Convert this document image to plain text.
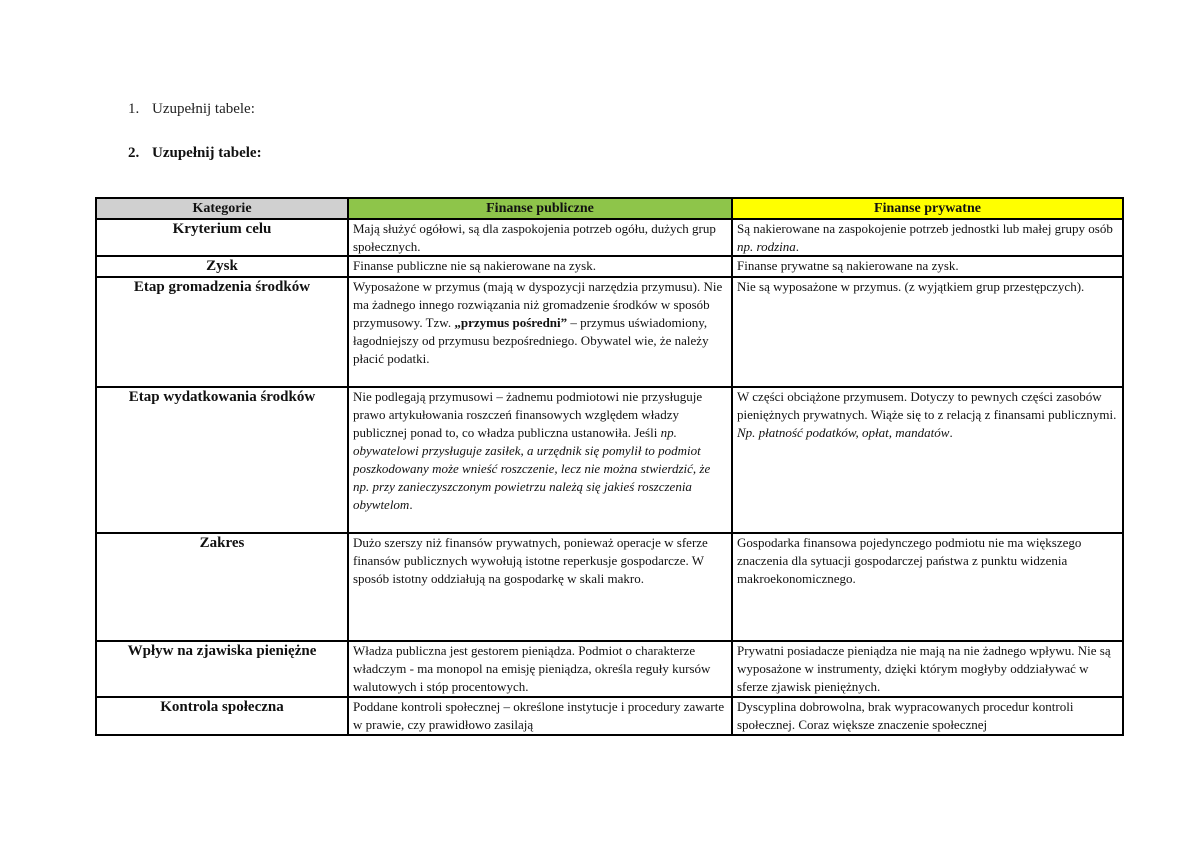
1. Uzupełnij tabele:
2. Uzupełnij tabele:
Kategorie	Finanse publiczne	Finanse prywatne
Kryterium celu	Mają służyć ogółowi, są dla zaspokojenia potrzeb ogółu, dużych grup społecznych.	Są nakierowane na zaspokojenie potrzeb jednostki lub małej grupy osób np. rodzina.

Zysk	Finanse publiczne nie są nakierowane na zysk.	Finanse prywatne są nakierowane na zysk.

Etap gromadzenia środków	Wyposażone w przymus (mają w dyspozycji narzędzia przymusu). Nie ma żadnego innego rozwiązania niż gromadzenie środków w sposób przymusowy. Tzw. „przymus pośredni” – przymus uświadomiony, łagodniejszy od przymusu bezpośredniego. Obywatel wie, że należy płacić podatki.	Nie są wyposażone w przymus. (z wyjątkiem grup przestępczych).

Etap wydatkowania środków	Nie podlegają przymusowi – żadnemu podmiotowi nie przysługuje prawo artykułowania roszczeń finansowych względem władzy publicznej ponad to, co władza publiczna ustanowiła. Jeśli np. obywatelowi przysługuje zasiłek, a urzędnik się pomylił to podmiot poszkodowany może wnieść roszczenie, lecz nie można stwierdzić, że np. przy zanieczyszczonym powietrzu należą się jakieś roszczenia obywtelom.	W części obciążone przymusem. Dotyczy to pewnych części zasobów pieniężnych prywatnych. Wiąże się to z relacją z finansami publicznymi. Np. płatność podatków, opłat, mandatów.

Zakres	Dużo szerszy niż finansów prywatnych, ponieważ operacje w sferze finansów publicznych wywołują istotne reperkusje gospodarcze. W sposób istotny oddziałują na gospodarkę w skali makro.	Gospodarka finansowa pojedynczego podmiotu nie ma większego znaczenia dla sytuacji gospodarczej państwa z punktu widzenia makroekonomicznego.

Wpływ na zjawiska pieniężne	Władza publiczna jest gestorem pieniądza. Podmiot o charakterze władczym - ma monopol na emisję pieniądza, określa reguły kursów walutowych i stóp procentowych.	Prywatni posiadacze pieniądza nie mają na nie żadnego wpływu. Nie są wyposażone w instrumenty, dzięki którym mogłyby oddziaływać w sferze zjawisk pieniężnych.

Kontrola społeczna	Poddane kontroli społecznej – określone instytucje i procedury zawarte w prawie, czy prawidłowo zasilają	Dyscyplina dobrowolna, brak wypracowanych procedur kontroli społecznej. Coraz większe znaczenie społecznej
